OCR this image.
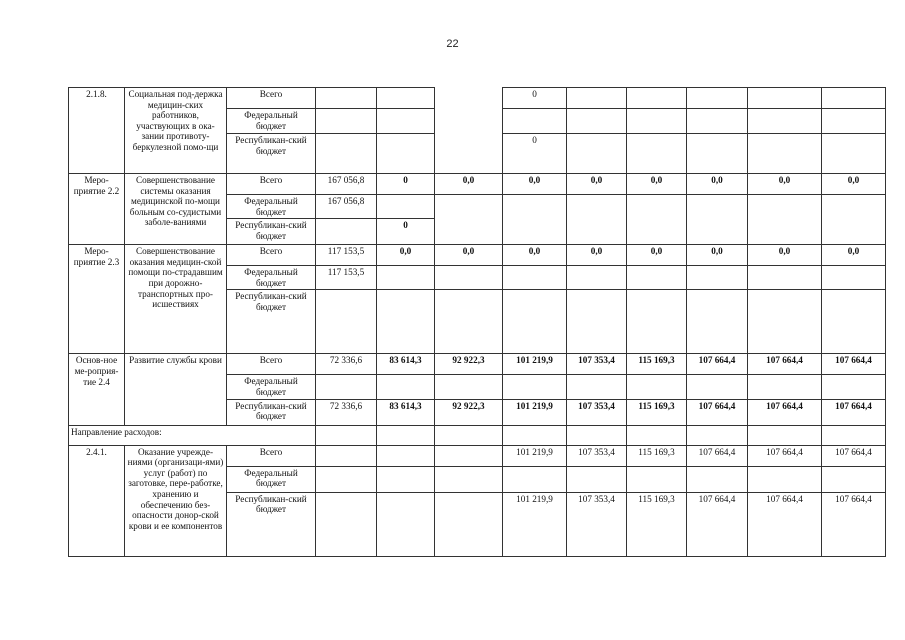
22
2.1.8.	Социальная под-держка медицин-ских работников, участвующих в ока-зании противоту-беркулезной помо-щи	Всего				0					
		Федеральный бюджет									
		Республикан-ский бюджет				0					
Меро-приятие 2.2	Совершенствование системы оказания медицинской по-мощи больным со-судистыми заболе-ваниями	Всего	167 056,8	0	0,0	0,0	0,0	0,0	0,0	0,0	0,0
		Федеральный бюджет	167 056,8								
		Республикан-ский бюджет		0							
Меро-приятие 2.3	Совершенствование оказания медицин-ской помощи по-страдавшим при дорожно-транспортных про-исшествиях	Всего	117 153,5	0,0	0,0	0,0	0,0	0,0	0,0	0,0	0,0
		Федеральный бюджет	117 153,5								
		Республикан-ский бюджет									
Основ-ное ме-роприя-тие 2.4	Развитие службы крови	Всего	72 336,6	83 614,3	92 922,3	101 219,9	107 353,4	115 169,3	107 664,4	107 664,4	107 664,4
		Федеральный бюджет									
		Республикан-ский бюджет	72 336,6	83 614,3	92 922,3	101 219,9	107 353,4	115 169,3	107 664,4	107 664,4	107 664,4
Направление расходов:											
2.4.1.	Оказание учрежде-ниями (организаци-ями) услуг (работ) по заготовке, пере-работке, хранению и обеспечению без-опасности донор-ской крови и ее компонентов	Всего				101 219,9	107 353,4	115 169,3	107 664,4	107 664,4	107 664,4
		Федеральный бюджет									
		Республикан-ский бюджет				101 219,9	107 353,4	115 169,3	107 664,4	107 664,4	107 664,4
